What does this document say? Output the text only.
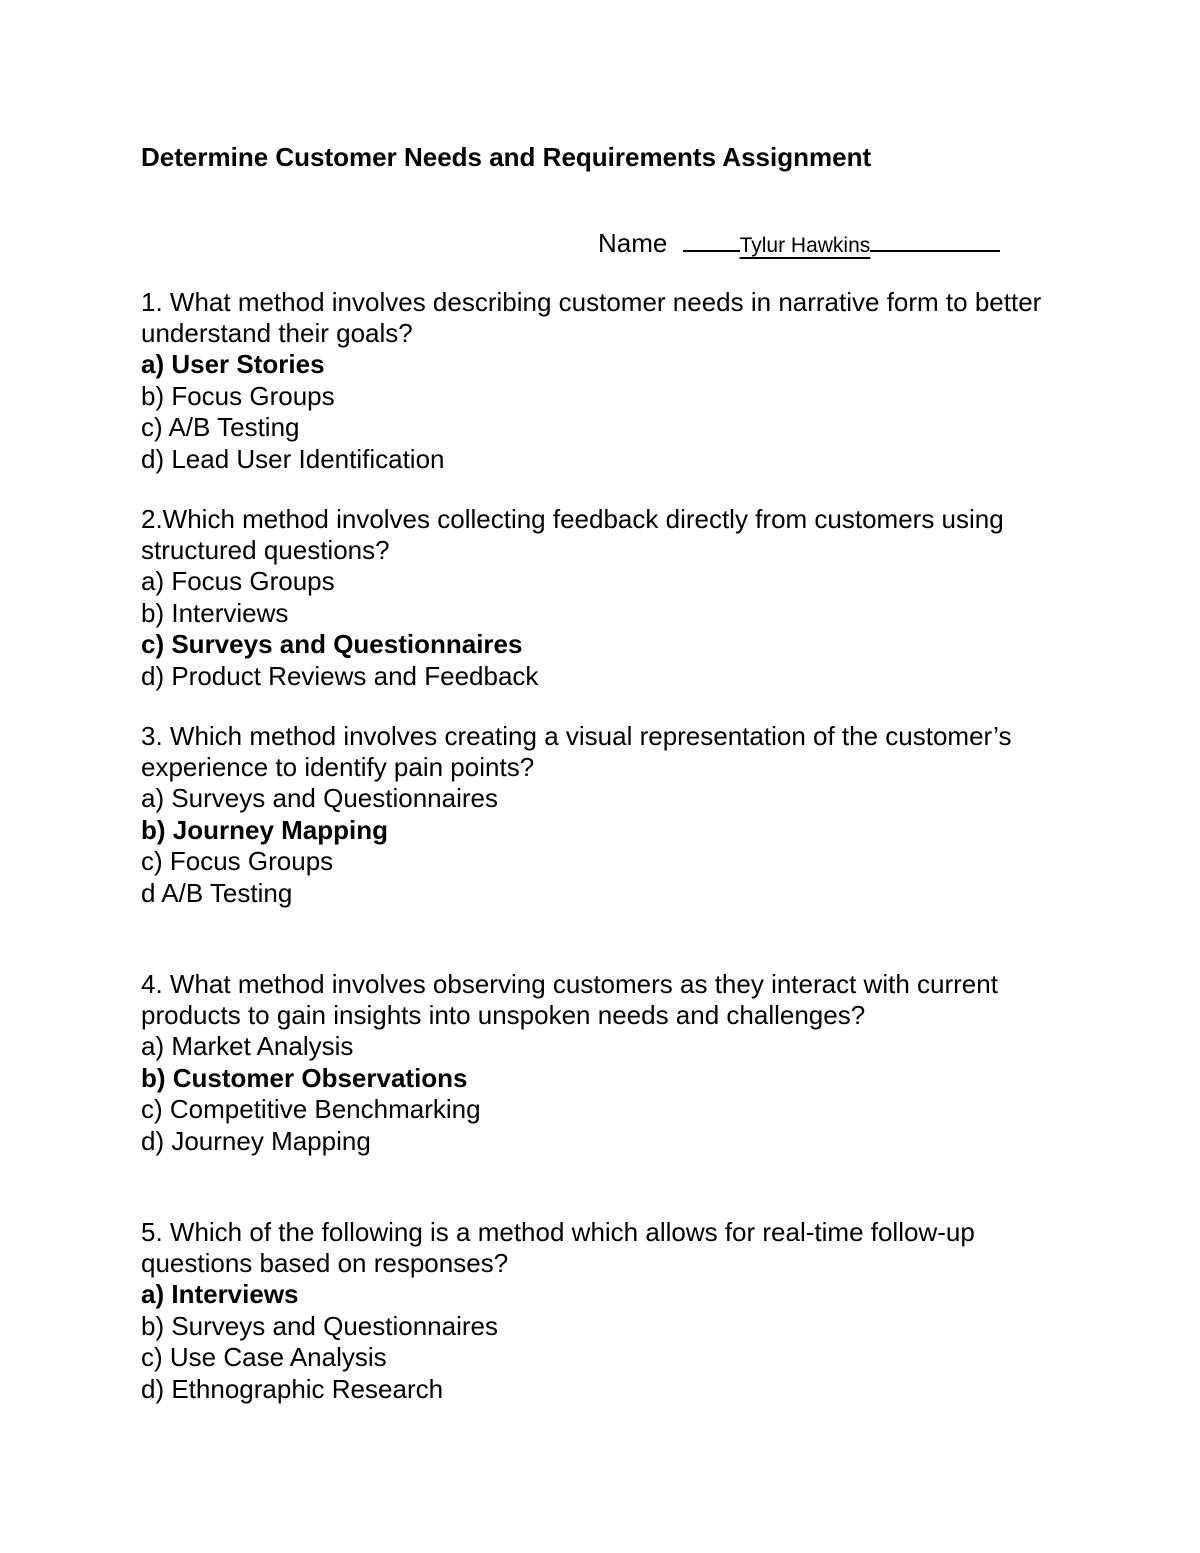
Determine Customer Needs and Requirements Assignment
Name	Tylur Hawkins

1. What method involves describing customer needs in narrative form to better understand their goals?

a) User Stories

b) Focus Groups

c) A/B Testing

d) Lead User Identification

2.Which method involves collecting feedback directly from customers using structured questions?

a) Focus Groups

b) Interviews

c) Surveys and Questionnaires

d) Product Reviews and Feedback

3. Which method involves creating a visual representation of the customer’s experience to identify pain points?

a) Surveys and Questionnaires

b) Journey Mapping

c) Focus Groups

d A/B Testing

4. What method involves observing customers as they interact with current products to gain insights into unspoken needs and challenges?

a) Market Analysis

b) Customer Observations

c) Competitive Benchmarking

d) Journey Mapping

5. Which of the following is a method which allows for real-time follow-up questions based on responses?

a) Interviews

b) Surveys and Questionnaires

c) Use Case Analysis

d) Ethnographic Research
